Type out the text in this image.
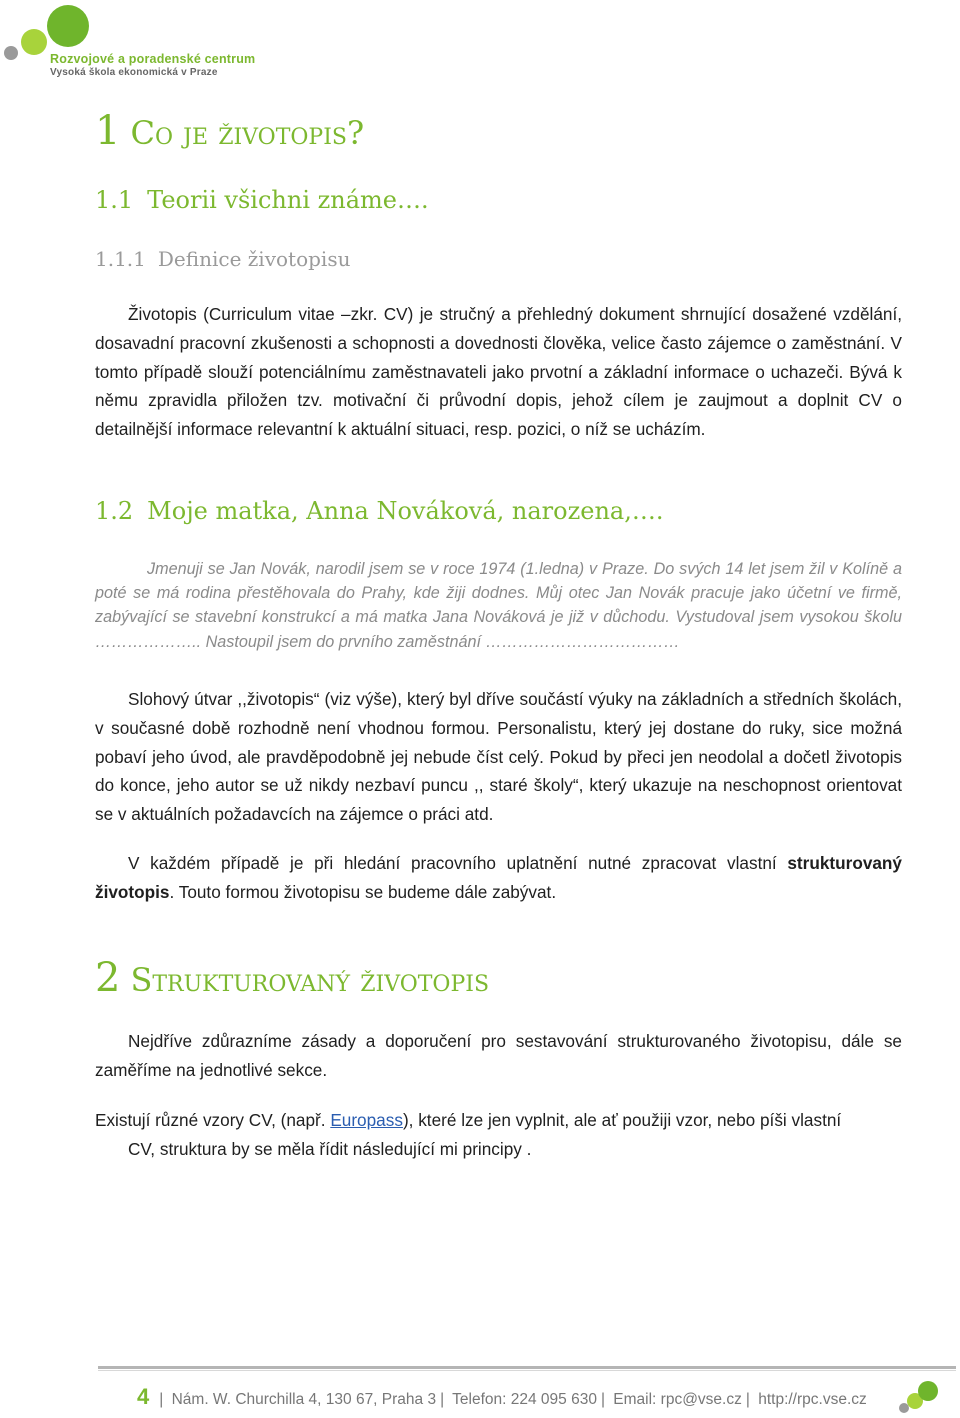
Rozvojové a poradenské centrum
Vysoká škola ekonomická v Praze
1 Co je životopis?
1.1 Teorii všichni známe….
1.1.1 Definice životopisu
Životopis (Curriculum vitae –zkr. CV) je stručný a přehledný dokument shrnující dosažené vzdělání, dosavadní pracovní zkušenosti a schopnosti a dovednosti člověka, velice často zájemce o zaměstnání. V tomto případě slouží potenciálnímu zaměstnavateli jako prvotní a základní informace o uchazeči. Bývá k němu zpravidla přiložen tzv. motivační či průvodní dopis, jehož cílem je zaujmout a doplnit CV o detailnější informace relevantní k aktuální situaci, resp. pozici, o níž se ucházím.
1.2 Moje matka, Anna Nováková, narozena,….
Jmenuji se Jan Novák, narodil jsem se v roce 1974 (1.ledna) v Praze. Do svých 14 let jsem žil v Kolíně a poté se má rodina přestěhovala do Prahy, kde žiji dodnes. Můj otec Jan Novák pracuje jako účetní ve firmě, zabývající se stavební konstrukcí a má matka Jana Nováková je již v důchodu. Vystudoval jsem vysokou školu ……………….. Nastoupil jsem do prvního zaměstnání ………………………………
Slohový útvar ,,životopis“ (viz výše), který byl dříve součástí výuky na základních a středních školách, v současné době rozhodně není vhodnou formou. Personalistu, který jej dostane do ruky, sice možná pobaví jeho úvod, ale pravděpodobně jej nebude číst celý. Pokud by přeci jen neodolal a dočetl životopis do konce, jeho autor se už nikdy nezbaví puncu ,, staré školy“, který ukazuje na neschopnost orientovat se v aktuálních požadavcích na zájemce o práci atd.
V každém případě je při hledání pracovního uplatnění nutné zpracovat vlastní strukturovaný životopis. Touto formou životopisu se budeme dále zabývat.
2 Strukturovaný životopis
Nejdříve zdůrazníme zásady a doporučení pro sestavování strukturovaného životopisu, dále se zaměříme na jednotlivé sekce.
Existují různé vzory CV, (např. Europass), které lze jen vyplnit, ale ať použiji vzor, nebo píši vlastní
CV, struktura by se měla řídit následující mi principy .
4 | Nám. W. Churchilla 4, 130 67, Praha 3 | Telefon: 224 095 630 | Email: rpc@vse.cz | http://rpc.vse.cz
